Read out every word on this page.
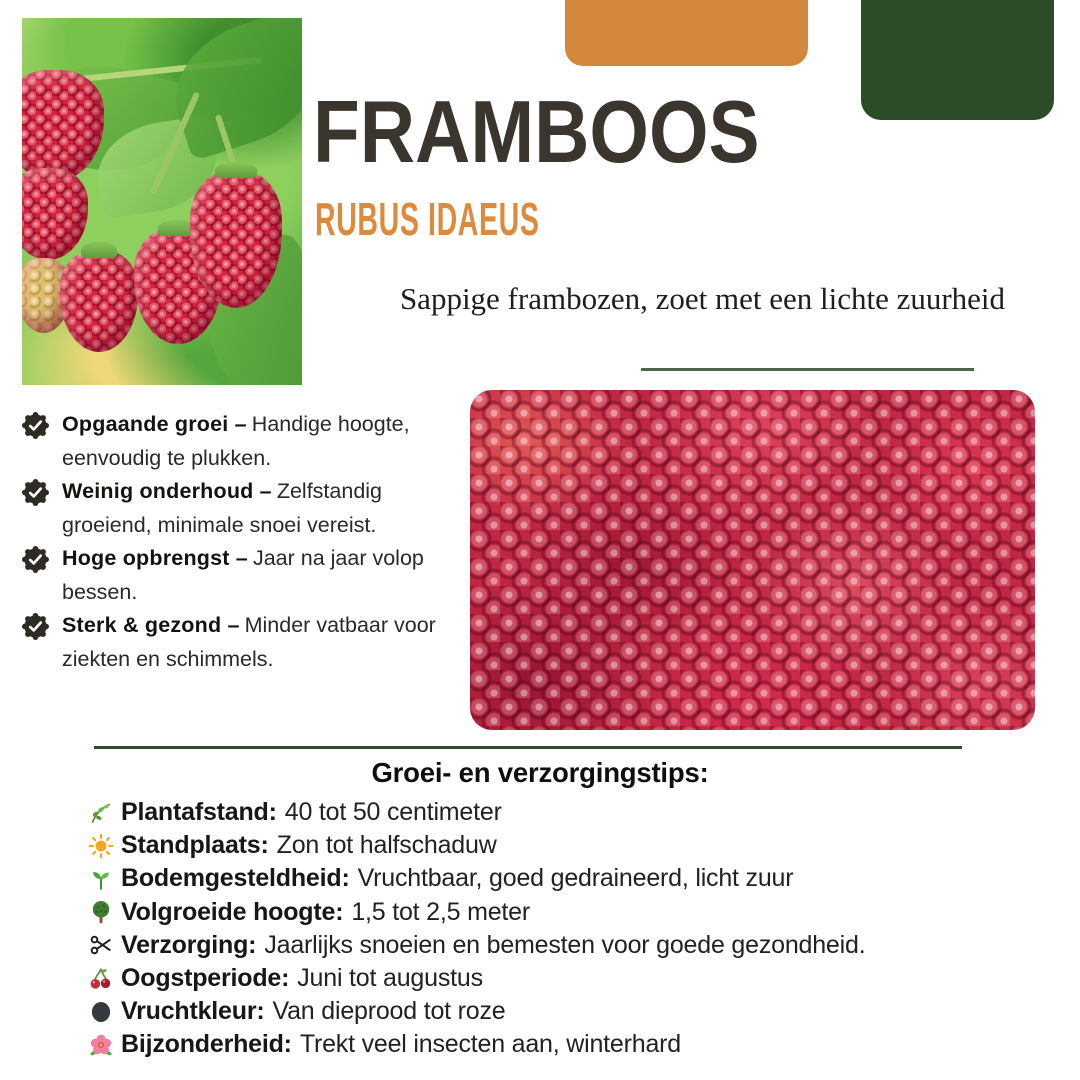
FRAMBOOS
RUBUS IDAEUS

Sappige frambozen, zoet met een lichte zuurheid

Opgaande groei – Handige hoogte, eenvoudig te plukken.
Weinig onderhoud – Zelfstandig groeiend, minimale snoei vereist.
Hoge opbrengst – Jaar na jaar volop bessen.
Sterk & gezond – Minder vatbaar voor ziekten en schimmels.
Groei- en verzorgingstips:
Plantafstand: 40 tot 50 centimeter
Standplaats: Zon tot halfschaduw
Bodemgesteldheid: Vruchtbaar, goed gedraineerd, licht zuur
Volgroeide hoogte: 1,5 tot 2,5 meter
Verzorging: Jaarlijks snoeien en bemesten voor goede gezondheid.
Oogstperiode: Juni tot augustus
Vruchtkleur: Van dieprood tot roze
Bijzonderheid: Trekt veel insecten aan, winterhard
